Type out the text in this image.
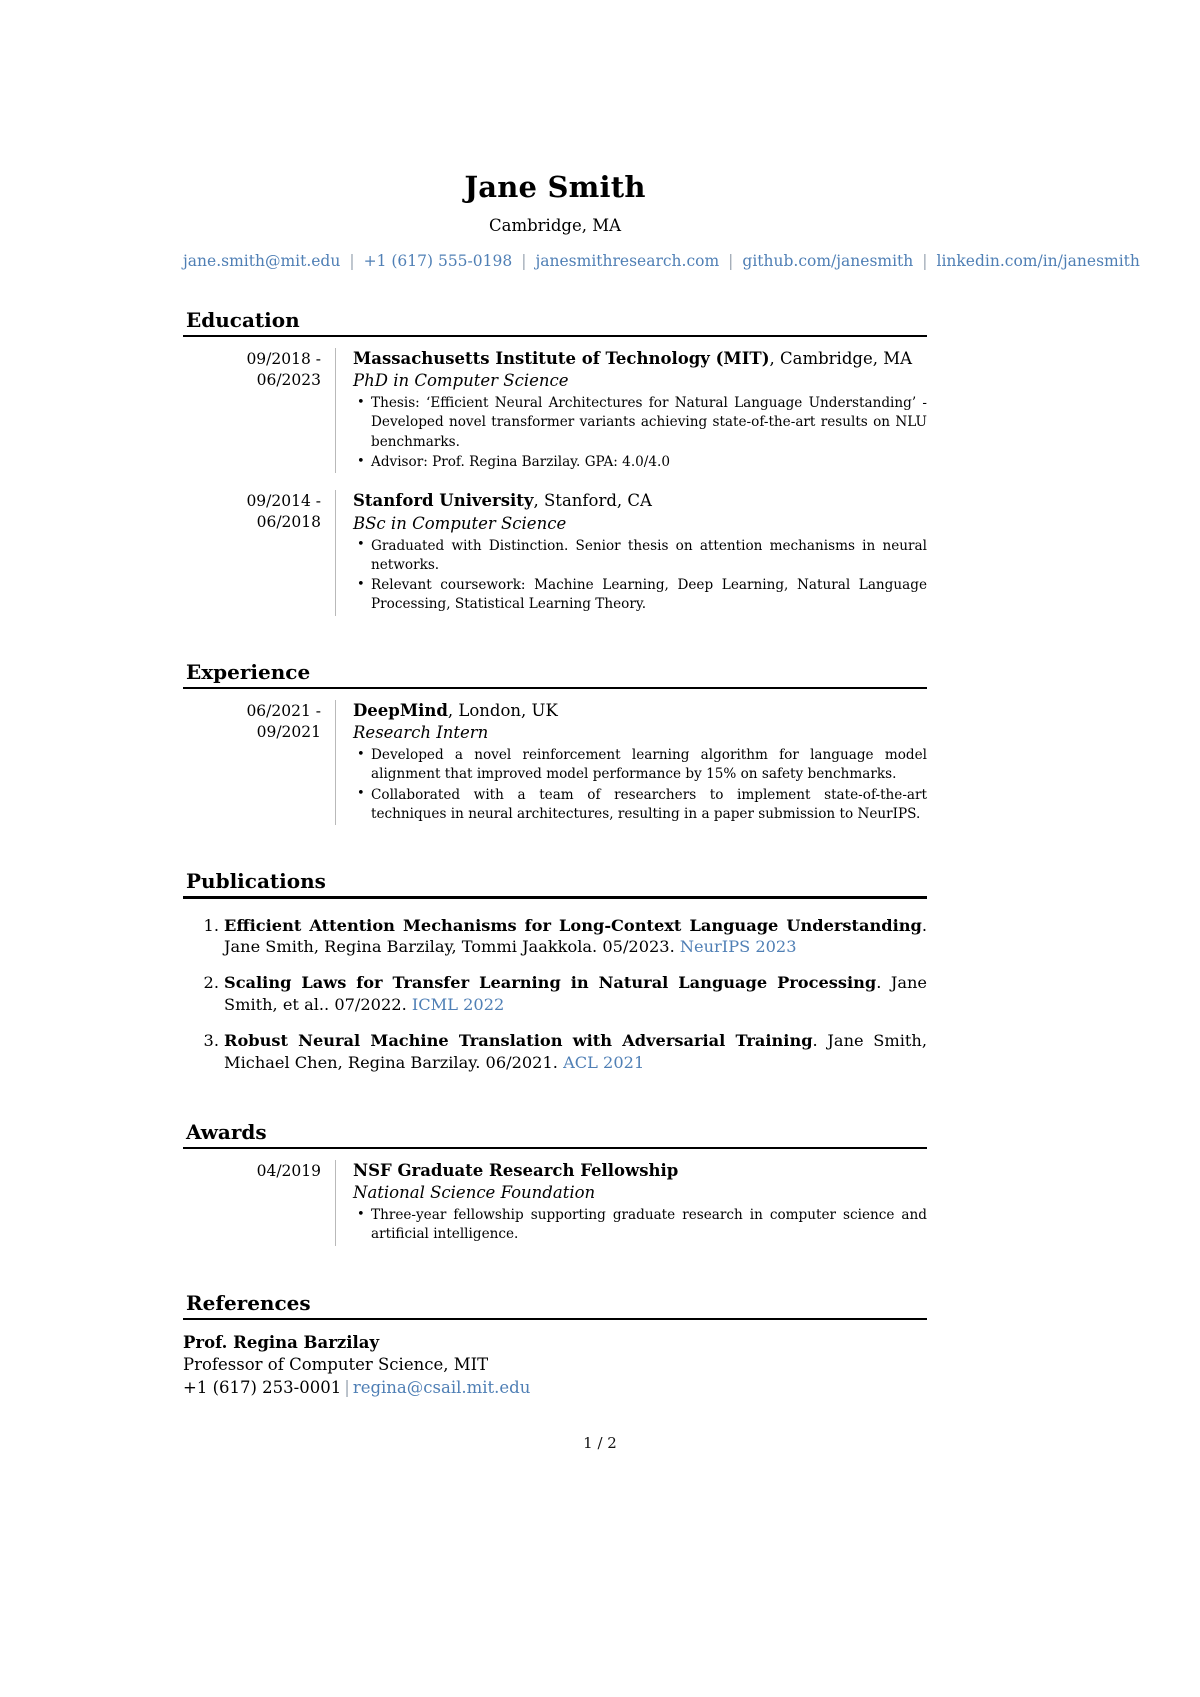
Jane Smith
Cambridge, MA
jane.smith@mit.edu | +1 (617) 555-0198 | janesmithresearch.com | github.com/janesmith | linkedin.com/in/janesmith
Education
09/2018 - 06/2023
Massachusetts Institute of Technology (MIT), Cambridge, MA
PhD in Computer Science
• Thesis: ‘Efficient Neural Architectures for Natural Language Understanding’ - Developed novel transformer variants achieving state-of-the-art results on NLU benchmarks.
• Advisor: Prof. Regina Barzilay. GPA: 4.0/4.0
09/2014 - 06/2018
Stanford University, Stanford, CA
BSc in Computer Science
• Graduated with Distinction. Senior thesis on attention mechanisms in neural networks.
• Relevant coursework: Machine Learning, Deep Learning, Natural Language Processing, Statistical Learning Theory.
Experience
06/2021 - 09/2021
DeepMind, London, UK
Research Intern
• Developed a novel reinforcement learning algorithm for language model alignment that improved model performance by 15% on safety benchmarks.
• Collaborated with a team of researchers to implement state-of-the-art techniques in neural architectures, resulting in a paper submission to NeurIPS.
Publications
Efficient Attention Mechanisms for Long-Context Language Understanding. Jane Smith, Regina Barzilay, Tommi Jaakkola. 05/2023. NeurIPS 2023
Scaling Laws for Transfer Learning in Natural Language Processing. Jane Smith, et al.. 07/2022. ICML 2022
Robust Neural Machine Translation with Adversarial Training. Jane Smith, Michael Chen, Regina Barzilay. 06/2021. ACL 2021
Awards
04/2019	NSF Graduate Research Fellowship
National Science Foundation
• Three-year fellowship supporting graduate research in computer science and artificial intelligence.
References
Prof. Regina Barzilay
Professor of Computer Science, MIT
+1 (617) 253-0001 | regina@csail.mit.edu
1 / 2
